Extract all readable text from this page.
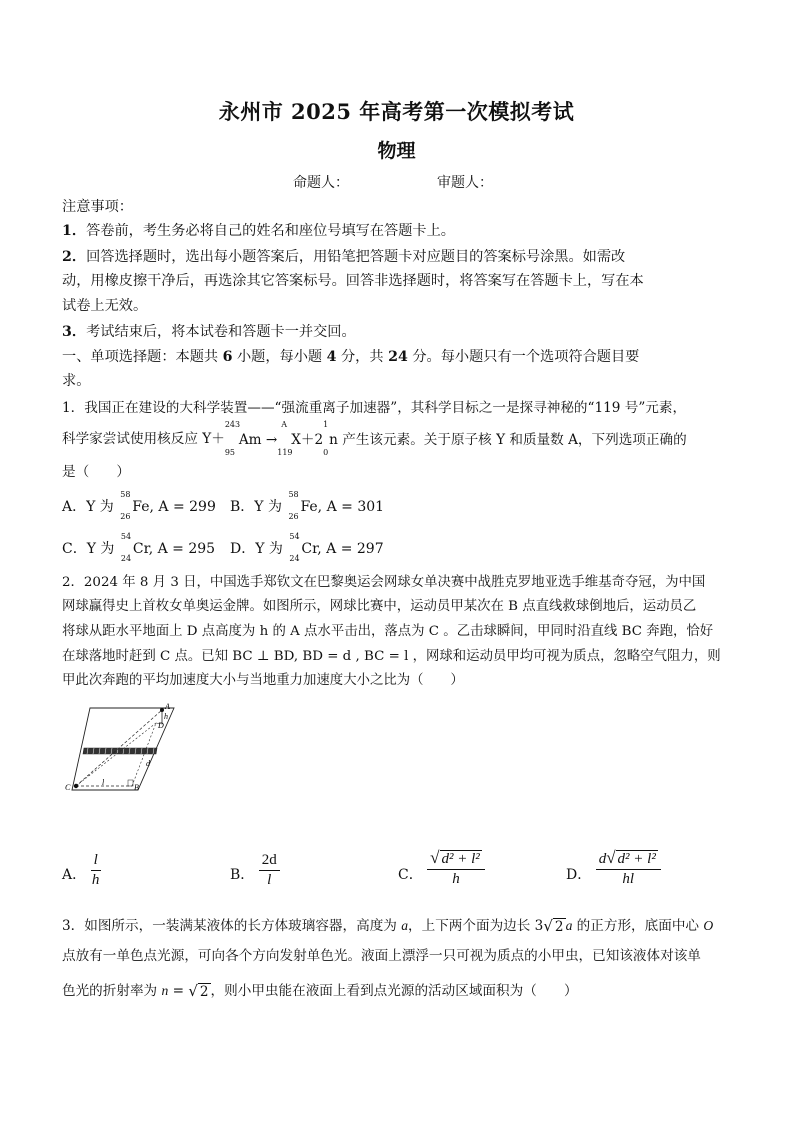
永州市 2025 年高考第一次模拟考试
物理
命题人：	审题人：
注意事项：
1．答卷前，考生务必将自己的姓名和座位号填写在答题卡上。
2．回答选择题时，选出每小题答案后，用铅笔把答题卡对应题目的答案标号涂黑。如需改
动，用橡皮擦干净后，再选涂其它答案标号。回答非选择题时，将答案写在答题卡上，写在本
试卷上无效。
3．考试结束后，将本试卷和答题卡一并交回。
一、单项选择题：本题共 6 小题，每小题 4 分，共 24 分。每小题只有一个选项符合题目要
求。
1．我国正在建设的大科学装置——“强流重离子加速器”，其科学目标之一是探寻神秘的“119 号”元素，
科学家尝试使用核反应 Y＋
243
95
Am →
A
119
X＋2
1
0
n 产生该元素。关于原子核 Y 和质量数 A，下列选项正确的
是（　　）
A．Y 为
58
26
Fe, A = 299 B．Y 为
58
26
Fe, A = 301
C．Y 为
54
24
Cr, A = 295 D．Y 为
54
24
Cr, A = 297
2．2024 年 8 月 3 日，中国选手郑钦文在巴黎奥运会网球女单决赛中战胜克罗地亚选手维基奇夺冠，为中国
网球赢得史上首枚女单奥运金牌。如图所示，网球比赛中，运动员甲某次在 B 点直线救球倒地后，运动员乙
将球从距水平地面上 D 点高度为 h 的 A 点水平击出，落点为 C 。乙击球瞬间，甲同时沿直线 BC 奔跑，恰好
在球落地时赶到 C 点。已知 BC ⊥ BD, BD = d , BC = l ，网球和运动员甲均可视为质点，忽略空气阻力，则
甲此次奔跑的平均加速度大小与当地重力加速度大小之比为（　　）
A
h
D
d
C
l
B
A． $\frac{l}{h}$	B． $\frac{2d}{l}$	C． $\frac{\text{√ d² + l²}}{h}$	D． $\frac{\text{d √ d² + l²}}{hl}$
3．如图所示，一装满某液体的长方体玻璃容器，高度为 a，上下两个面为边长 3 √ 2 a 的正方形，底面中心 O
点放有一单色点光源，可向各个方向发射单色光。液面上漂浮一只可视为质点的小甲虫，已知该液体对该单
色光的折射率为 n = √ 2 ，则小甲虫能在液面上看到点光源的活动区域面积为（　　）
